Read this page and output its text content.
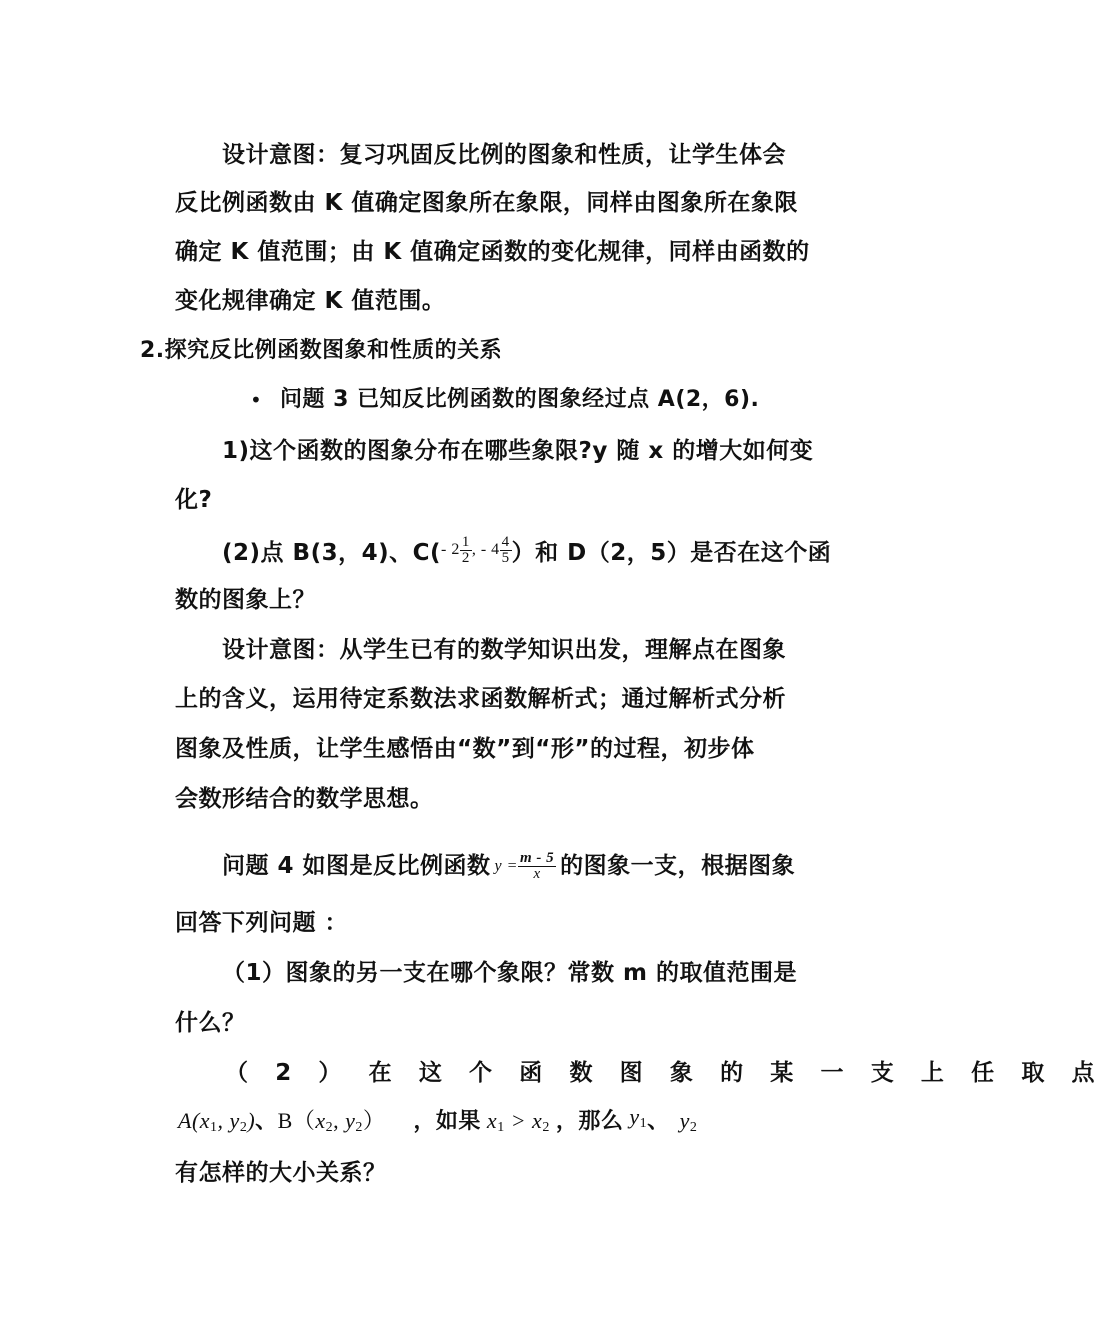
设计意图：复习巩固反比例的图象和性质，让学生体会
反比例函数由 K 值确定图象所在象限，同样由图象所在象限
确定 K 值范围；由 K 值确定函数的变化规律，同样由函数的
变化规律确定 K 值范围。
2.探究反比例函数图象和性质的关系
• 问题 3 已知反比例函数的图象经过点 A(2，6).
1)这个函数的图象分布在哪些象限?y 随 x 的增大如何变
化?
(2)点 B(3，4)、C($^{- 2 \frac{1}{2} , - 4 \frac{4}{5}}$ ）和 D（2，5）是否在这个函
数的图象上？
设计意图：从学生已有的数学知识出发，理解点在图象
上的含义，运用待定系数法求函数解析式；通过解析式分析
图象及性质，让学生感悟由“数”到“形”的过程，初步体
会数形结合的数学思想。
问题 4 如图是反比例函数 $y = \frac{m - 5}{x}$ 的图象一支，根据图象
回答下列问题 ：
（1）图象的另一支在哪个象限？常数 m 的取值范围是
什么？
（ 2 ） 在 这 个 函 数 图 象 的 某 一 支 上 任 取 点
$A(x_1$, $y_2$)、$B(x_2$, $y_2$） ，如果 $x_1 > x_2$ ，那么 $y_1$、 $y_2$
有怎样的大小关系？
